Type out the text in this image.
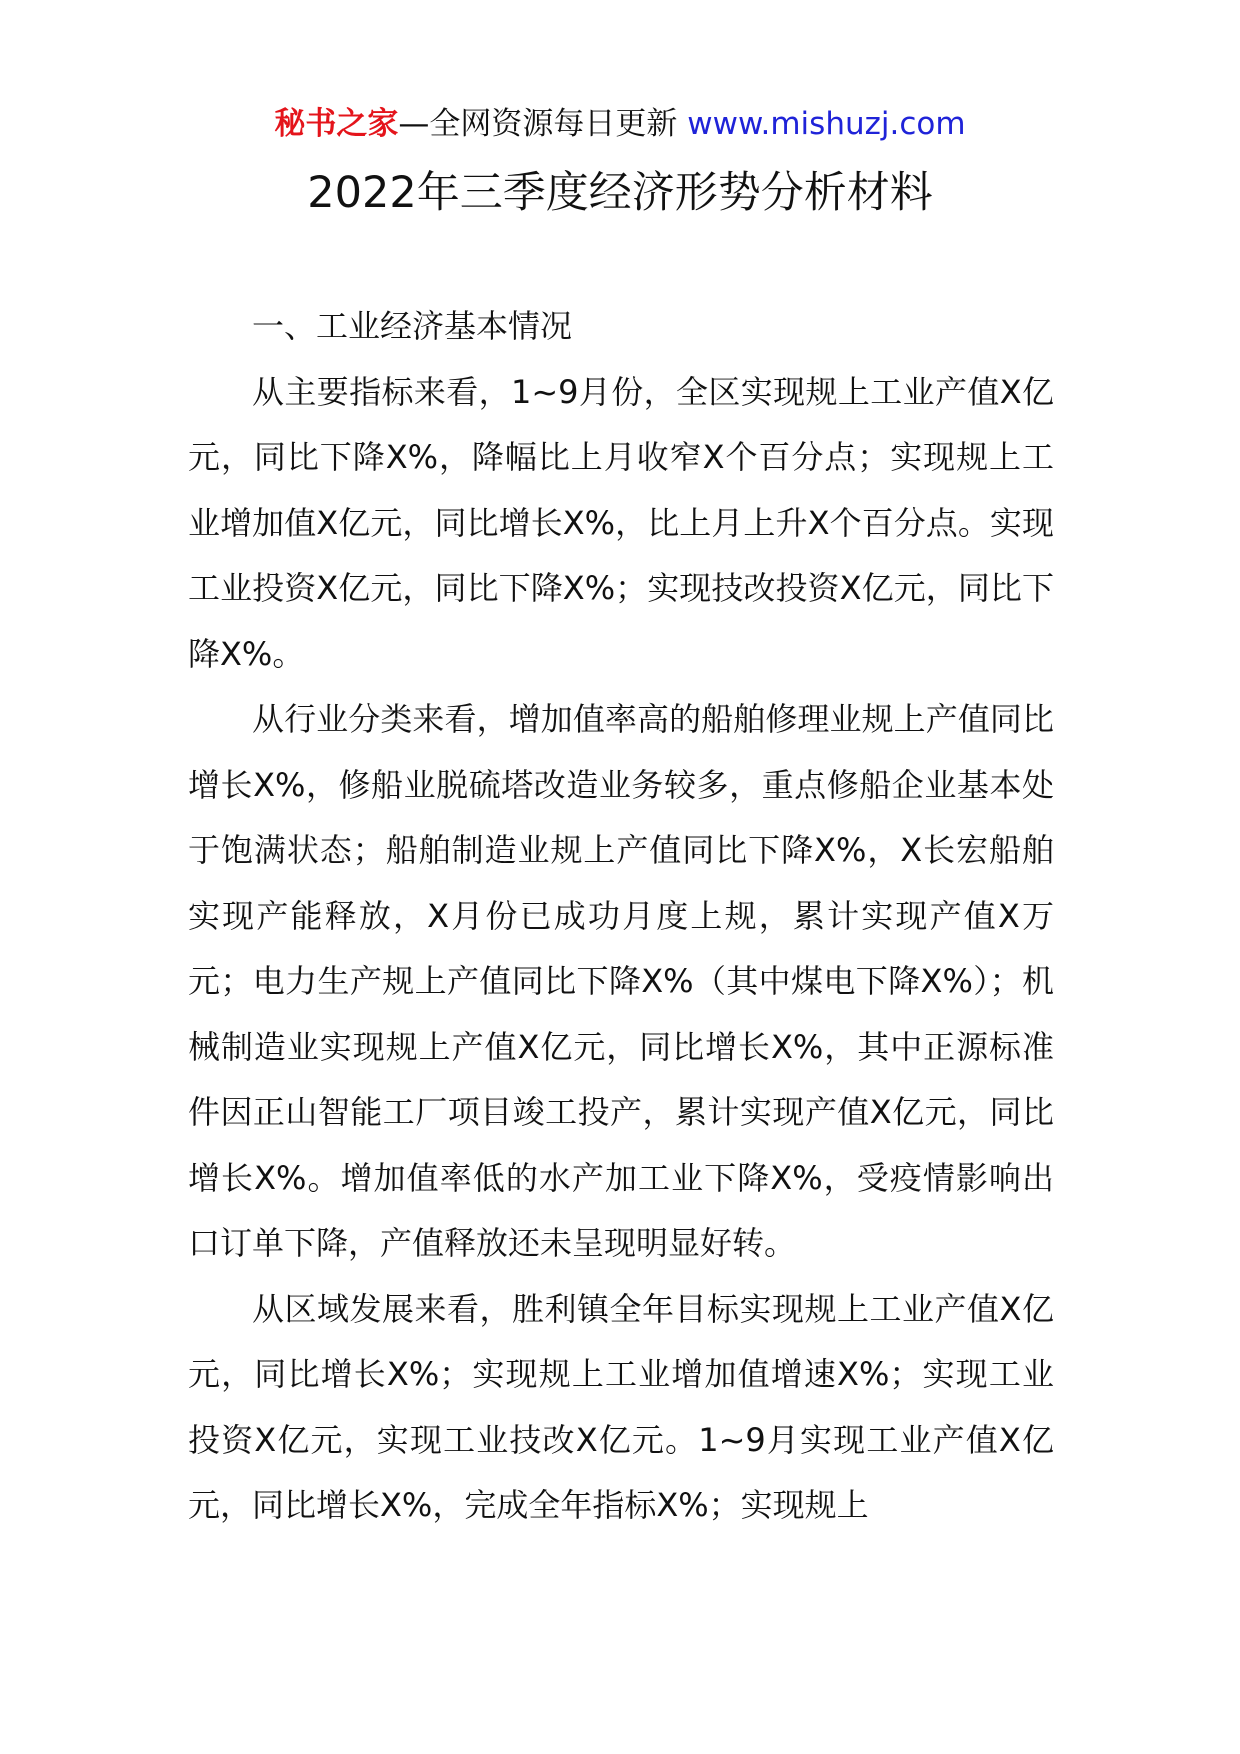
秘书之家—全网资源每日更新 www.mishuzj.com
2022年三季度经济形势分析材料
一、工业经济基本情况

从主要指标来看，1~9月份，全区实现规上工业产值X亿元，同比下降X%，降幅比上月收窄X个百分点；实现规上工业增加值X亿元，同比增长X%，比上月上升X个百分点。实现工业投资X亿元，同比下降X%；实现技改投资X亿元，同比下降X%。

从行业分类来看，增加值率高的船舶修理业规上产值同比增长X%，修船业脱硫塔改造业务较多，重点修船企业基本处于饱满状态；船舶制造业规上产值同比下降X%，X长宏船舶实现产能释放，X月份已成功月度上规，累计实现产值X万元；电力生产规上产值同比下降X%（其中煤电下降X%）；机械制造业实现规上产值X亿元，同比增长X%，其中正源标准件因正山智能工厂项目竣工投产，累计实现产值X亿元，同比增长X%。增加值率低的水产加工业下降X%，受疫情影响出口订单下降，产值释放还未呈现明显好转。

从区域发展来看，胜利镇全年目标实现规上工业产值X亿元，同比增长X%；实现规上工业增加值增速X%；实现工业投资X亿元，实现工业技改X亿元。1~9月实现工业产值X亿元，同比增长X%，完成全年指标X%；实现规上
